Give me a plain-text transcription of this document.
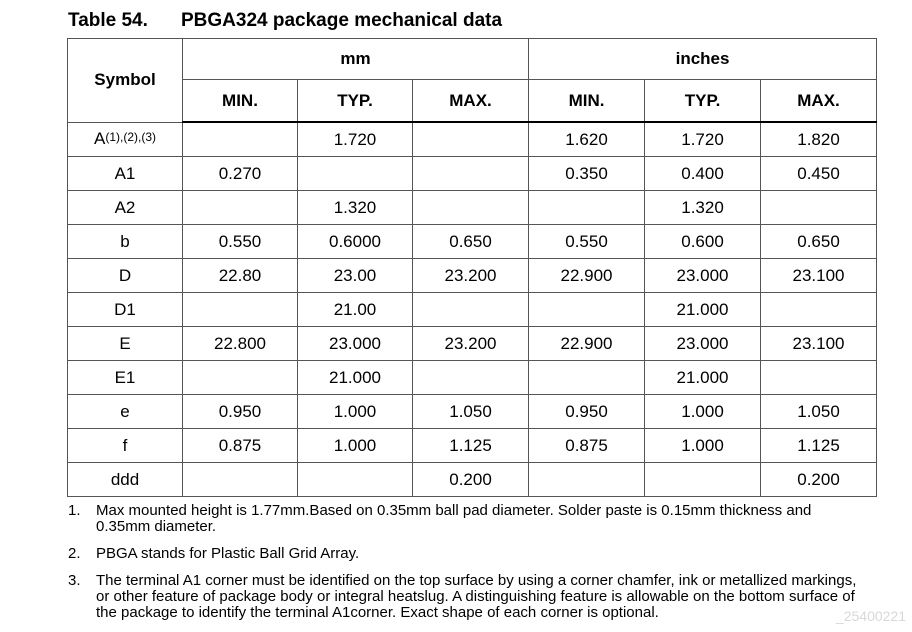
Table 54. PBGA324 package mechanical data
Symbol	mm			inches		
	MIN.	TYP.	MAX.	MIN.	TYP.	MAX.
A$^{(1),(2),(3)}$		1.720		1.620	1.720	1.820
A1	0.270			0.350	0.400	0.450
A2		1.320			1.320	
b	0.550	0.6000	0.650	0.550	0.600	0.650
D	22.80	23.00	23.200	22.900	23.000	23.100
D1		21.00			21.000	
E	22.800	23.000	23.200	22.900	23.000	23.100
E1		21.000			21.000	
e	0.950	1.000	1.050	0.950	1.000	1.050
f	0.875	1.000	1.125	0.875	1.000	1.125
ddd			0.200			0.200
1.	Max mounted height is 1.77mm.Based on 0.35mm ball pad diameter. Solder paste is 0.15mm thickness and 0.35mm diameter.
2.	PBGA stands for Plastic Ball Grid Array.
3.	The terminal A1 corner must be identified on the top surface by using a corner chamfer, ink or metallized markings, or other feature of package body or integral heatslug. A distinguishing feature is allowable on the bottom surface of the package to identify the terminal A1corner. Exact shape of each corner is optional.	_25400221
